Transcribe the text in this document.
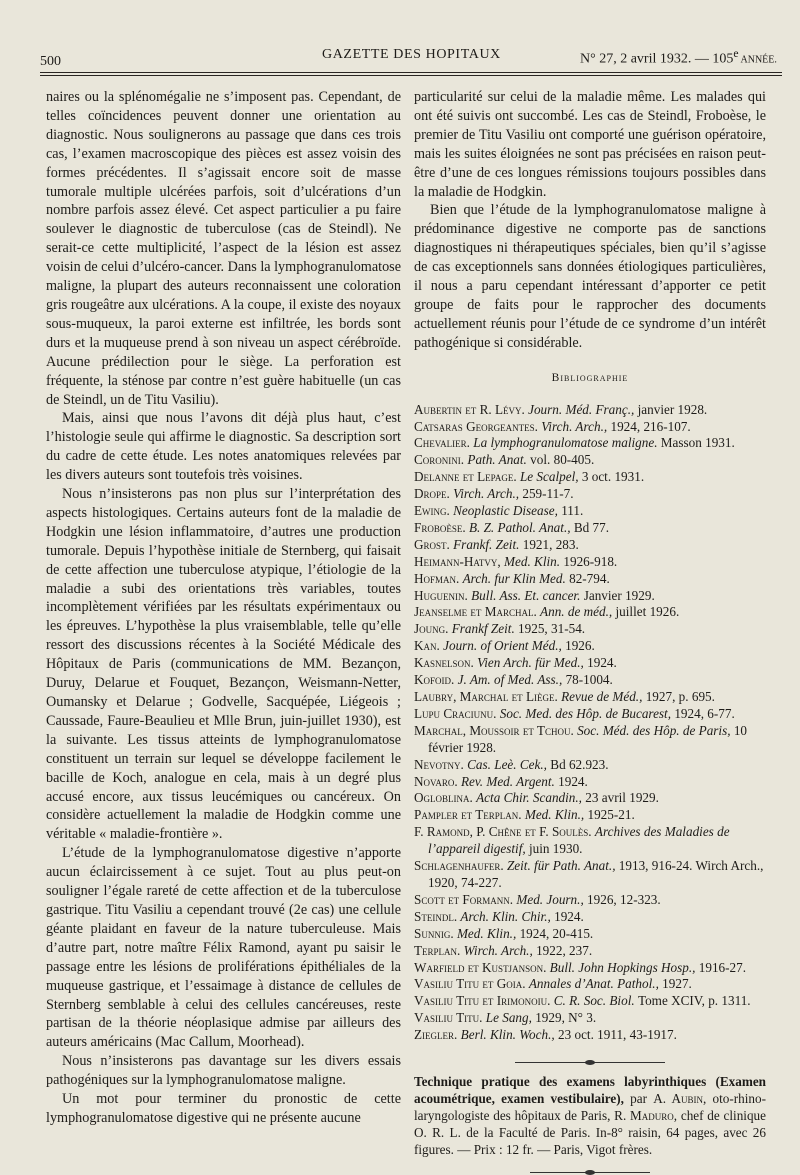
500	GAZETTE DES HOPITAUX	N° 27, 2 avril 1932. — 105e ANNÉE.

naires ou la splénomégalie ne s’imposent pas. Cependant, de telles coïncidences peuvent donner une orientation au diagnostic. Nous soulignerons au passage que dans ces trois cas, l’examen macroscopique des pièces est assez voisin des formes précédentes. Il s’agissait encore soit de masse tumorale multiple ulcérées parfois, soit d’ulcérations d’un nombre parfois assez élevé. Cet aspect particulier a pu faire soulever le diagnostic de tuberculose (cas de Steindl). Ne serait-ce cette multiplicité, l’aspect de la lésion est assez voisin de celui d’ulcéro-cancer. Dans la lymphogranulomatose maligne, la plupart des auteurs reconnaissent une coloration gris rougeâtre aux ulcérations. A la coupe, il existe des noyaux sous-muqueux, la paroi externe est infiltrée, les bords sont durs et la muqueuse prend à son niveau un aspect cérébroïde. Aucune prédilection pour le siège. La perforation est fréquente, la sténose par contre n’est guère habituelle (un cas de Steindl, un de Titu Vasiliu).

Mais, ainsi que nous l’avons dit déjà plus haut, c’est l’histologie seule qui affirme le diagnostic. Sa description sort du cadre de cette étude. Les notes anatomiques relevées par les divers auteurs sont toutefois très voisines.

Nous n’insisterons pas non plus sur l’interprétation des aspects histologiques. Certains auteurs font de la maladie de Hodgkin une lésion inflammatoire, d’autres une production tumorale. Depuis l’hypothèse initiale de Sternberg, qui faisait de cette affection une tuberculose atypique, l’étiologie de la maladie a subi des orientations très variables, toutes incomplètement vérifiées par les résultats expérimentaux ou les épreuves. L’hypothèse la plus vraisemblable, telle qu’elle ressort des discussions récentes à la Société Médicale des Hôpitaux de Paris (communications de MM. Bezançon, Duruy, Delarue et Fouquet, Bezançon, Weismann-Netter, Oumansky et Delarue ; Godvelle, Sacquépée, Liégeois ; Caussade, Faure-Beaulieu et Mlle Brun, juin-juillet 1930), est la suivante. Les tissus atteints de lymphogranulomatose constituent un terrain sur lequel se développe facilement le bacille de Koch, analogue en cela, mais à un degré plus accusé encore, aux tissus leucémiques ou cancéreux. On considère actuellement la maladie de Hodgkin comme une véritable « maladie-frontière ».

L’étude de la lymphogranulomatose digestive n’apporte aucun éclaircissement à ce sujet. Tout au plus peut-on souligner l’égale rareté de cette affection et de la tuberculose gastrique. Titu Vasiliu a cependant trouvé (2e cas) une cellule géante plaidant en faveur de la nature tuberculeuse. Mais d’autre part, notre maître Félix Ramond, ayant pu saisir le passage entre les lésions de proliférations épithéliales de la muqueuse gastrique, et l’essaimage à distance de cellules de Sternberg semblable à celui des cellules cancéreuses, reste partisan de la théorie néoplasique admise par ailleurs des auteurs américains (Mac Callum, Moorhead).

Nous n’insisterons pas davantage sur les divers essais pathogéniques sur la lymphogranulomatose maligne.

Un mot pour terminer du pronostic de cette lymphogranulomatose digestive qui ne présente aucune

particularité sur celui de la maladie même. Les malades qui ont été suivis ont succombé. Les cas de Steindl, Froboèse, le premier de Titu Vasiliu ont comporté une guérison opératoire, mais les suites éloignées ne sont pas précisées en raison peut-être d’une de ces longues rémissions toujours possibles dans la maladie de Hodgkin.

Bien que l’étude de la lymphogranulomatose maligne à prédominance digestive ne comporte pas de sanctions diagnostiques ni thérapeutiques spéciales, bien qu’il s’agisse de cas exceptionnels sans données étiologiques particulières, il nous a paru cependant intéressant d’apporter ce petit groupe de faits pour le rapprocher des documents actuellement réunis pour l’étude de ce syndrome d’un intérêt pathogénique si considérable.

Bibliographie
Aubertin et R. Lévy. Journ. Méd. Franç., janvier 1928.
Catsaras Georgeantes. Virch. Arch., 1924, 216-107.
Chevalier. La lymphogranulomatose maligne. Masson 1931.
Coronini. Path. Anat. vol. 80-405.
Delanne et Lepage. Le Scalpel, 3 oct. 1931.
Drope. Virch. Arch., 259-11-7.
Ewing. Neoplastic Disease, 111.
Froboèse. B. Z. Pathol. Anat., Bd 77.
Grost. Frankf. Zeit. 1921, 283.
Heimann-Hatvy, Med. Klin. 1926-918.
Hofman. Arch. fur Klin Med. 82-794.
Huguenin. Bull. Ass. Et. cancer. Janvier 1929.
Jeanselme et Marchal. Ann. de méd., juillet 1926.
Joung. Frankf Zeit. 1925, 31-54.
Kan. Journ. of Orient Méd., 1926.
Kasnelson. Vien Arch. für Med., 1924.
Kofoid. J. Am. of Med. Ass., 78-1004.
Laubry, Marchal et Liège. Revue de Méd., 1927, p. 695.
Lupu Craciunu. Soc. Med. des Hôp. de Bucarest, 1924, 6-77.
Marchal, Moussoir et Tchou. Soc. Méd. des Hôp. de Paris, 10 février 1928.
Nevotny. Cas. Leè. Cek., Bd 62.923.
Novaro. Rev. Med. Argent. 1924.
Ogloblina. Acta Chir. Scandin., 23 avril 1929.
Pampler et Terplan. Med. Klin., 1925-21.
F. Ramond, P. Chêne et F. Soulès. Archives des Maladies de l’appareil digestif, juin 1930.
Schlagenhaufer. Zeit. für Path. Anat., 1913, 916-24. Wirch Arch., 1920, 74-227.
Scott et Formann. Med. Journ., 1926, 12-323.
Steindl. Arch. Klin. Chir., 1924.
Sunnig. Med. Klin., 1924, 20-415.
Terplan. Wirch. Arch., 1922, 237.
Warfield et Kustjanson. Bull. John Hopkings Hosp., 1916-27.
Vasiliu Titu et Goia. Annales d’Anat. Pathol., 1927.
Vasiliu Titu et Irimonoiu. C. R. Soc. Biol. Tome XCIV, p. 1311.
Vasiliu Titu. Le Sang, 1929, N° 3.
Ziegler. Berl. Klin. Woch., 23 oct. 1911, 43-1917.
Technique pratique des examens labyrinthiques (Examen acoumétrique, examen vestibulaire), par A. Aubin, oto-rhino-laryngologiste des hôpitaux de Paris, R. Maduro, chef de clinique O. R. L. de la Faculté de Paris. In-8° raisin, 64 pages, avec 26 figures. — Prix : 12 fr. — Paris, Vigot frères.
